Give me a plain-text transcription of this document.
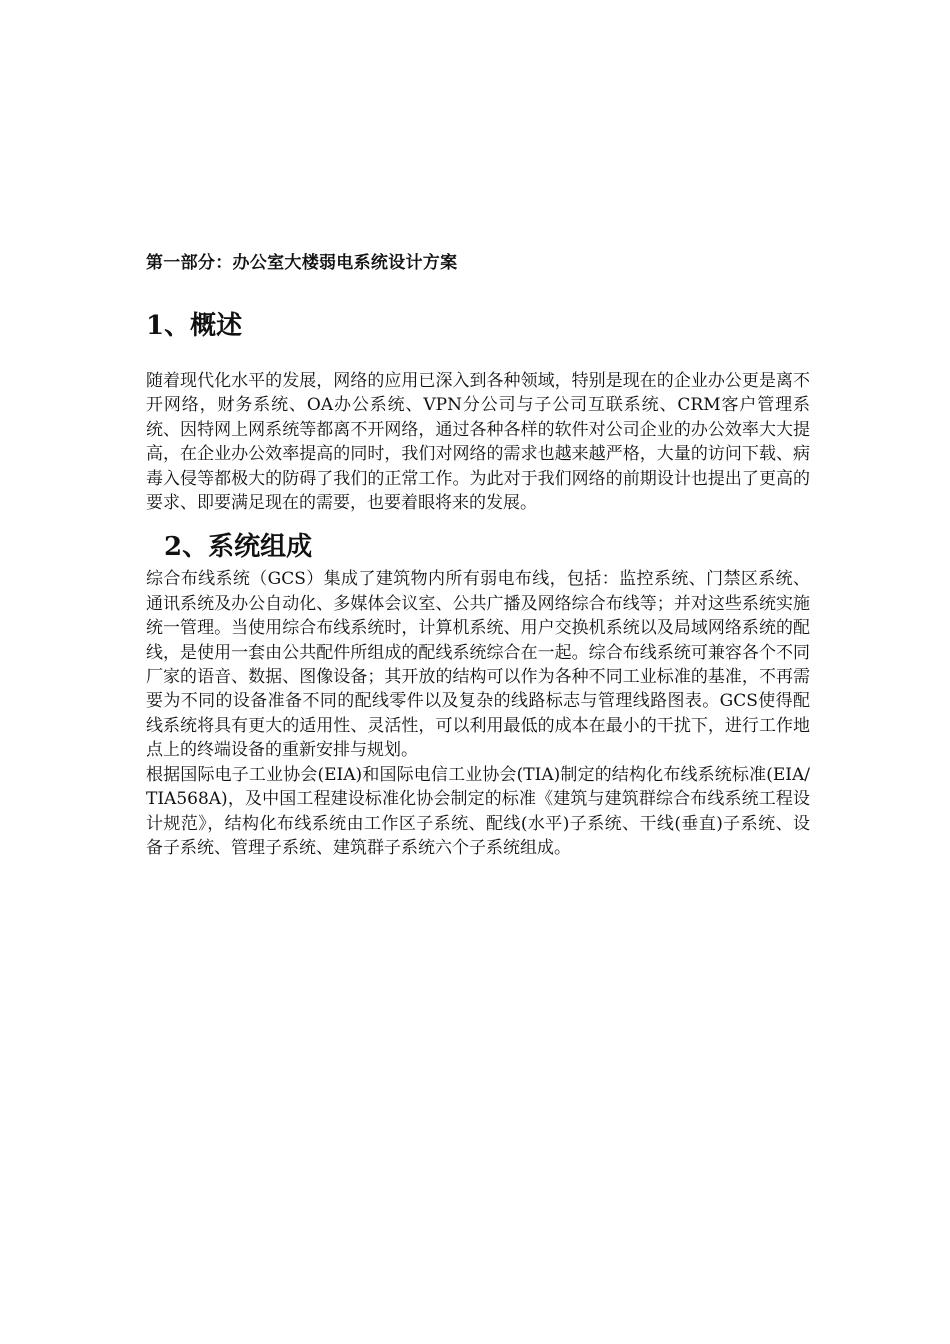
第一部分：办公室大楼弱电系统设计方案

1、概述

随着现代化水平的发展，网络的应用已深入到各种领域，特别是现在的企业办公更是离不开网络，财务系统、OA办公系统、VPN分公司与子公司互联系统、CRM客户管理系统、因特网上网系统等都离不开网络，通过各种各样的软件对公司企业的办公效率大大提高，在企业办公效率提高的同时，我们对网络的需求也越来越严格，大量的访问下载、病毒入侵等都极大的防碍了我们的正常工作。为此对于我们网络的前期设计也提出了更高的要求、即要满足现在的需要，也要着眼将来的发展。

2、系统组成

综合布线系统（GCS）集成了建筑物内所有弱电布线，包括：监控系统、门禁区系统、通讯系统及办公自动化、多媒体会议室、公共广播及网络综合布线等；并对这些系统实施统一管理。当使用综合布线系统时，计算机系统、用户交换机系统以及局域网络系统的配线，是使用一套由公共配件所组成的配线系统综合在一起。综合布线系统可兼容各个不同厂家的语音、数据、图像设备；其开放的结构可以作为各种不同工业标准的基准，不再需要为不同的设备准备不同的配线零件以及复杂的线路标志与管理线路图表。GCS使得配线系统将具有更大的适用性、灵活性，可以利用最低的成本在最小的干扰下，进行工作地点上的终端设备的重新安排与规划。

根据国际电子工业协会(EIA)和国际电信工业协会(TIA)制定的结构化布线系统标准(EIA/TIA568A)，及中国工程建设标准化协会制定的标准《建筑与建筑群综合布线系统工程设计规范》，结构化布线系统由工作区子系统、配线(水平)子系统、干线(垂直)子系统、设备子系统、管理子系统、建筑群子系统六个子系统组成。
